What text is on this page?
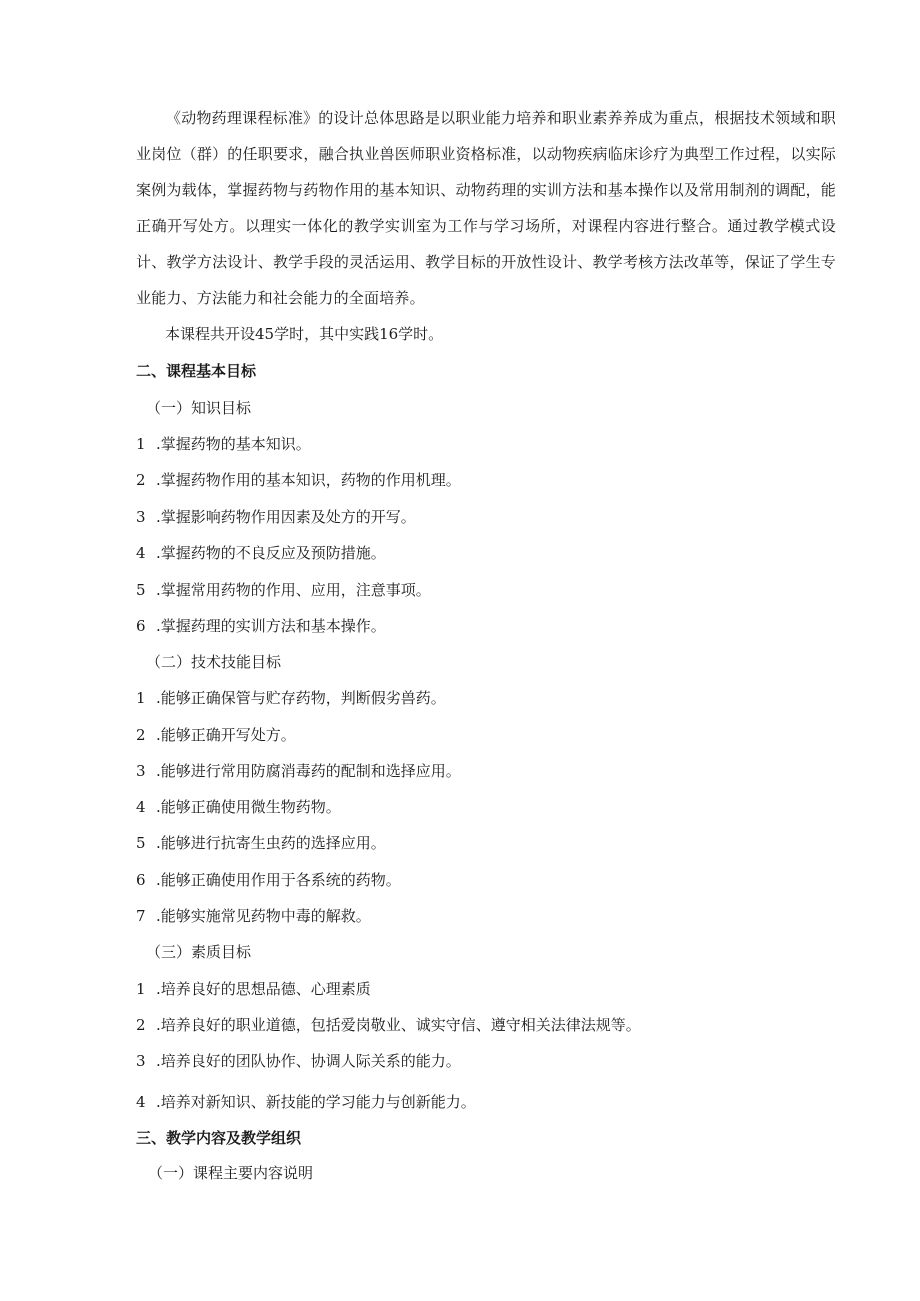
《动物药理课程标准》的设计总体思路是以职业能力培养和职业素养养成为重点，根据技术领域和职业岗位（群）的任职要求，融合执业兽医师职业资格标准，以动物疾病临床诊疗为典型工作过程，以实际案例为载体，掌握药物与药物作用的基本知识、动物药理的实训方法和基本操作以及常用制剂的调配，能正确开写处方。以理实一体化的教学实训室为工作与学习场所，对课程内容进行整合。通过教学模式设计、教学方法设计、教学手段的灵活运用、教学目标的开放性设计、教学考核方法改革等，保证了学生专业能力、方法能力和社会能力的全面培养。

本课程共开设45学时，其中实践16学时。

二、课程基本目标

（一）知识目标

1 .掌握药物的基本知识。

2 .掌握药物作用的基本知识，药物的作用机理。

3 .掌握影响药物作用因素及处方的开写。

4 .掌握药物的不良反应及预防措施。

5 .掌握常用药物的作用、应用，注意事项。

6 .掌握药理的实训方法和基本操作。

（二）技术技能目标

1 .能够正确保管与贮存药物，判断假劣兽药。

2 .能够正确开写处方。

3 .能够进行常用防腐消毒药的配制和选择应用。

4 .能够正确使用微生物药物。

5 .能够进行抗寄生虫药的选择应用。

6 .能够正确使用作用于各系统的药物。

7 .能够实施常见药物中毒的解救。

（三）素质目标

1 .培养良好的思想品德、心理素质

2 .培养良好的职业道德，包括爱岗敬业、诚实守信、遵守相关法律法规等。

3 .培养良好的团队协作、协调人际关系的能力。

4 .培养对新知识、新技能的学习能力与创新能力。

三、教学内容及教学组织

（一）课程主要内容说明
